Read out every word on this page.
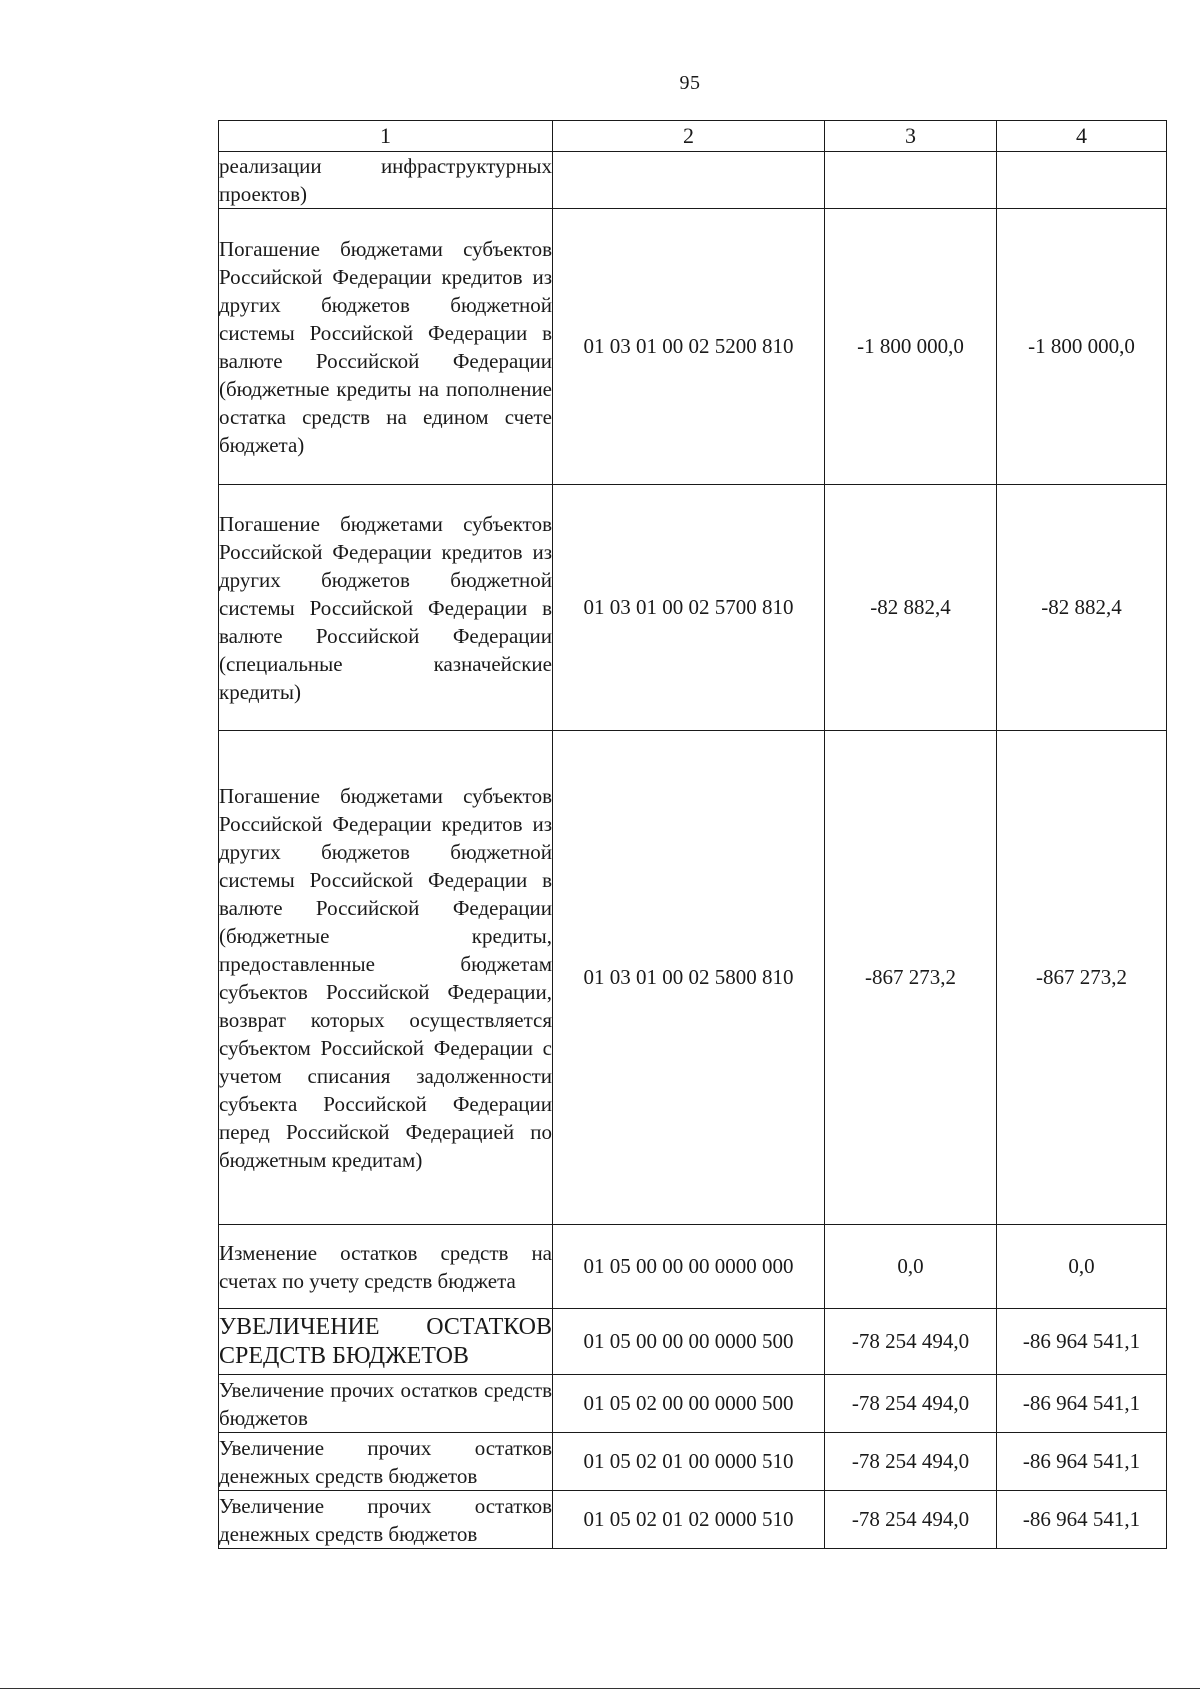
95
1	2	3	4
реализации инфраструктурных проектов)			
Погашение бюджетами субъектов Российской Федерации кредитов из других бюджетов бюджетной системы Российской Федерации в валюте Российской Федерации (бюджетные кредиты на пополнение остатка средств на едином счете бюджета)	01 03 01 00 02 5200 810	-1 800 000,0	-1 800 000,0
Погашение бюджетами субъектов Российской Федерации кредитов из других бюджетов бюджетной системы Российской Федерации в валюте Российской Федерации (специальные казначейские кредиты)	01 03 01 00 02 5700 810	-82 882,4	-82 882,4
Погашение бюджетами субъектов Российской Федерации кредитов из других бюджетов бюджетной системы Российской Федерации в валюте Российской Федерации (бюджетные кредиты, предоставленные бюджетам субъектов Российской Федерации, возврат которых осуществляется субъектом Российской Федерации с учетом списания задолженности субъекта Российской Федерации перед Российской Федерацией по бюджетным кредитам)	01 03 01 00 02 5800 810	-867 273,2	-867 273,2
Изменение остатков средств на счетах по учету средств бюджета	01 05 00 00 00 0000 000	0,0	0,0
УВЕЛИЧЕНИЕ ОСТАТКОВ СРЕДСТВ БЮДЖЕТОВ	01 05 00 00 00 0000 500	-78 254 494,0	-86 964 541,1
Увеличение прочих остатков средств бюджетов	01 05 02 00 00 0000 500	-78 254 494,0	-86 964 541,1
Увеличение прочих остатков денежных средств бюджетов	01 05 02 01 00 0000 510	-78 254 494,0	-86 964 541,1
Увеличение прочих остатков денежных средств бюджетов	01 05 02 01 02 0000 510	-78 254 494,0	-86 964 541,1
